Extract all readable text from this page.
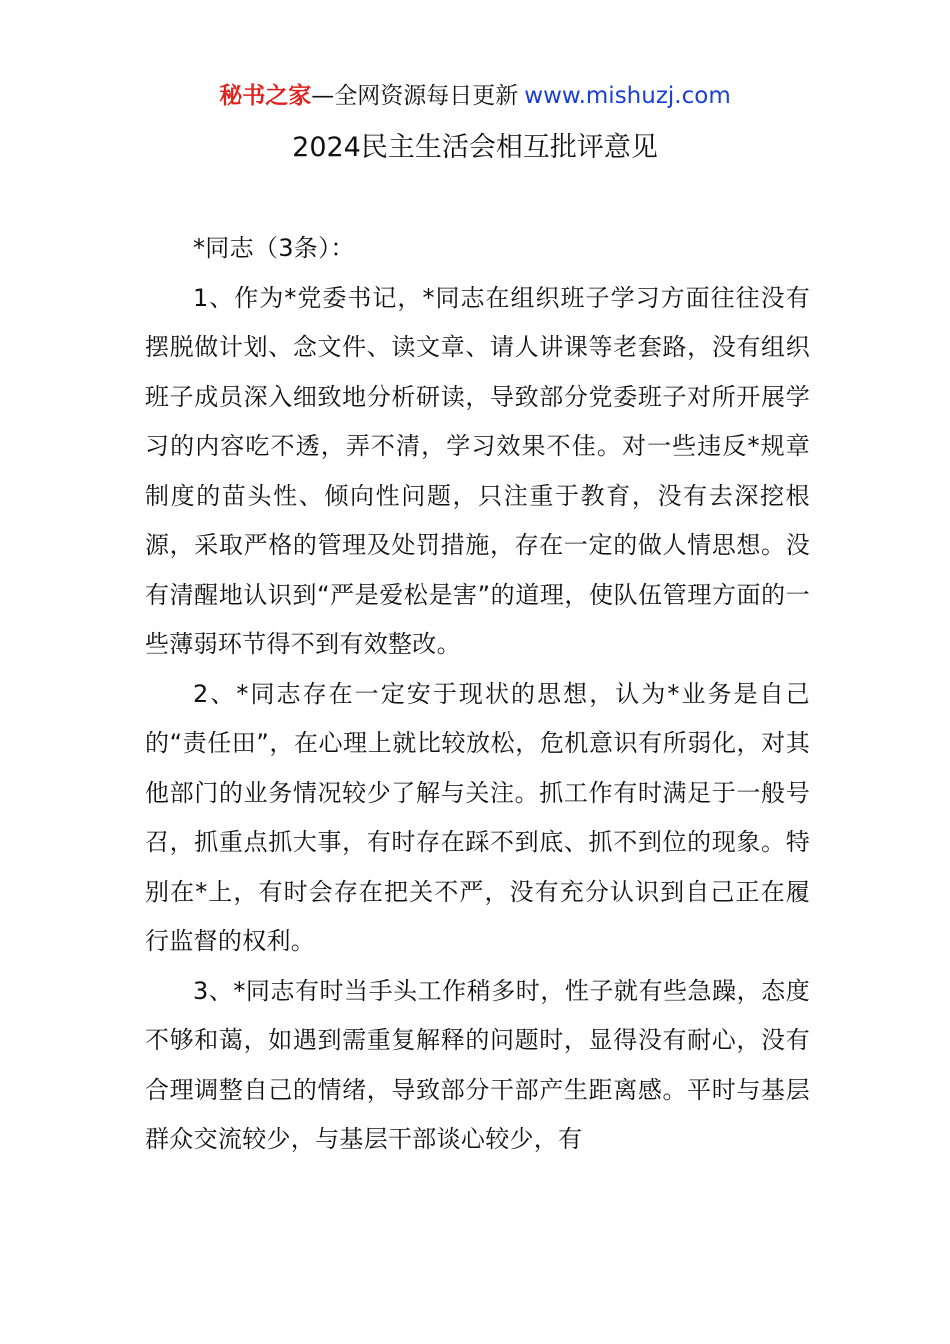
秘书之家—全网资源每日更新 www.mishuzj.com
2024民主生活会相互批评意见

*同志（3条）：

1、作为*党委书记，*同志在组织班子学习方面往往没有摆脱做计划、念文件、读文章、请人讲课等老套路，没有组织班子成员深入细致地分析研读，导致部分党委班子对所开展学习的内容吃不透，弄不清，学习效果不佳。对一些违反*规章制度的苗头性、倾向性问题，只注重于教育，没有去深挖根源，采取严格的管理及处罚措施，存在一定的做人情思想。没有清醒地认识到“严是爱松是害”的道理，使队伍管理方面的一些薄弱环节得不到有效整改。

2、*同志存在一定安于现状的思想，认为*业务是自己的“责任田”，在心理上就比较放松，危机意识有所弱化，对其他部门的业务情况较少了解与关注。抓工作有时满足于一般号召，抓重点抓大事，有时存在踩不到底、抓不到位的现象。特别在*上，有时会存在把关不严，没有充分认识到自己正在履行监督的权利。

3、*同志有时当手头工作稍多时，性子就有些急躁，态度不够和蔼，如遇到需重复解释的问题时，显得没有耐心，没有合理调整自己的情绪，导致部分干部产生距离感。平时与基层群众交流较少，与基层干部谈心较少，有
